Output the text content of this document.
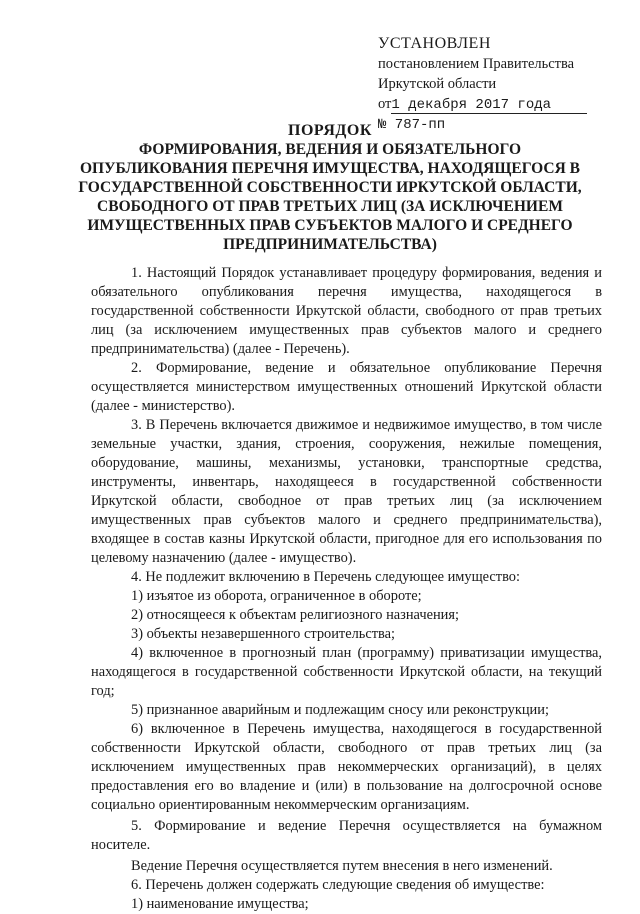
УСТАНОВЛЕН
постановлением Правительства
Иркутской области
от1 декабря 2017 года
№ 787-пп
ПОРЯДОК
ФОРМИРОВАНИЯ, ВЕДЕНИЯ И ОБЯЗАТЕЛЬНОГО
ОПУБЛИКОВАНИЯ ПЕРЕЧНЯ ИМУЩЕСТВА, НАХОДЯЩЕГОСЯ В
ГОСУДАРСТВЕННОЙ СОБСТВЕННОСТИ ИРКУТСКОЙ ОБЛАСТИ,
СВОБОДНОГО ОТ ПРАВ ТРЕТЬИХ ЛИЦ (ЗА ИСКЛЮЧЕНИЕМ
ИМУЩЕСТВЕННЫХ ПРАВ СУБЪЕКТОВ МАЛОГО И СРЕДНЕГО
ПРЕДПРИНИМАТЕЛЬСТВА)

1. Настоящий Порядок устанавливает процедуру формирования, ведения и обязательного опубликования перечня имущества, находящегося в государственной собственности Иркутской области, свободного от прав третьих лиц (за исключением имущественных прав субъектов малого и среднего предпринимательства) (далее - Перечень).

2. Формирование, ведение и обязательное опубликование Перечня осуществляется министерством имущественных отношений Иркутской области (далее - министерство).

3. В Перечень включается движимое и недвижимое имущество, в том числе земельные участки, здания, строения, сооружения, нежилые помещения, оборудование, машины, механизмы, установки, транспортные средства, инструменты, инвентарь, находящееся в государственной собственности Иркутской области, свободное от прав третьих лиц (за исключением имущественных прав субъектов малого и среднего предпринимательства), входящее в состав казны Иркутской области, пригодное для его использования по целевому назначению (далее - имущество).

4. Не подлежит включению в Перечень следующее имущество:

1) изъятое из оборота, ограниченное в обороте;

2) относящееся к объектам религиозного назначения;

3) объекты незавершенного строительства;

4) включенное в прогнозный план (программу) приватизации имущества, находящегося в государственной собственности Иркутской области, на текущий год;

5) признанное аварийным и подлежащим сносу или реконструкции;

6) включенное в Перечень имущества, находящегося в государственной собственности Иркутской области, свободного от прав третьих лиц (за исключением имущественных прав некоммерческих организаций), в целях предоставления его во владение и (или) в пользование на долгосрочной основе социально ориентированным некоммерческим организациям.

5. Формирование и ведение Перечня осуществляется на бумажном носителе.

Ведение Перечня осуществляется путем внесения в него изменений.

6. Перечень должен содержать следующие сведения об имуществе:

1) наименование имущества;
